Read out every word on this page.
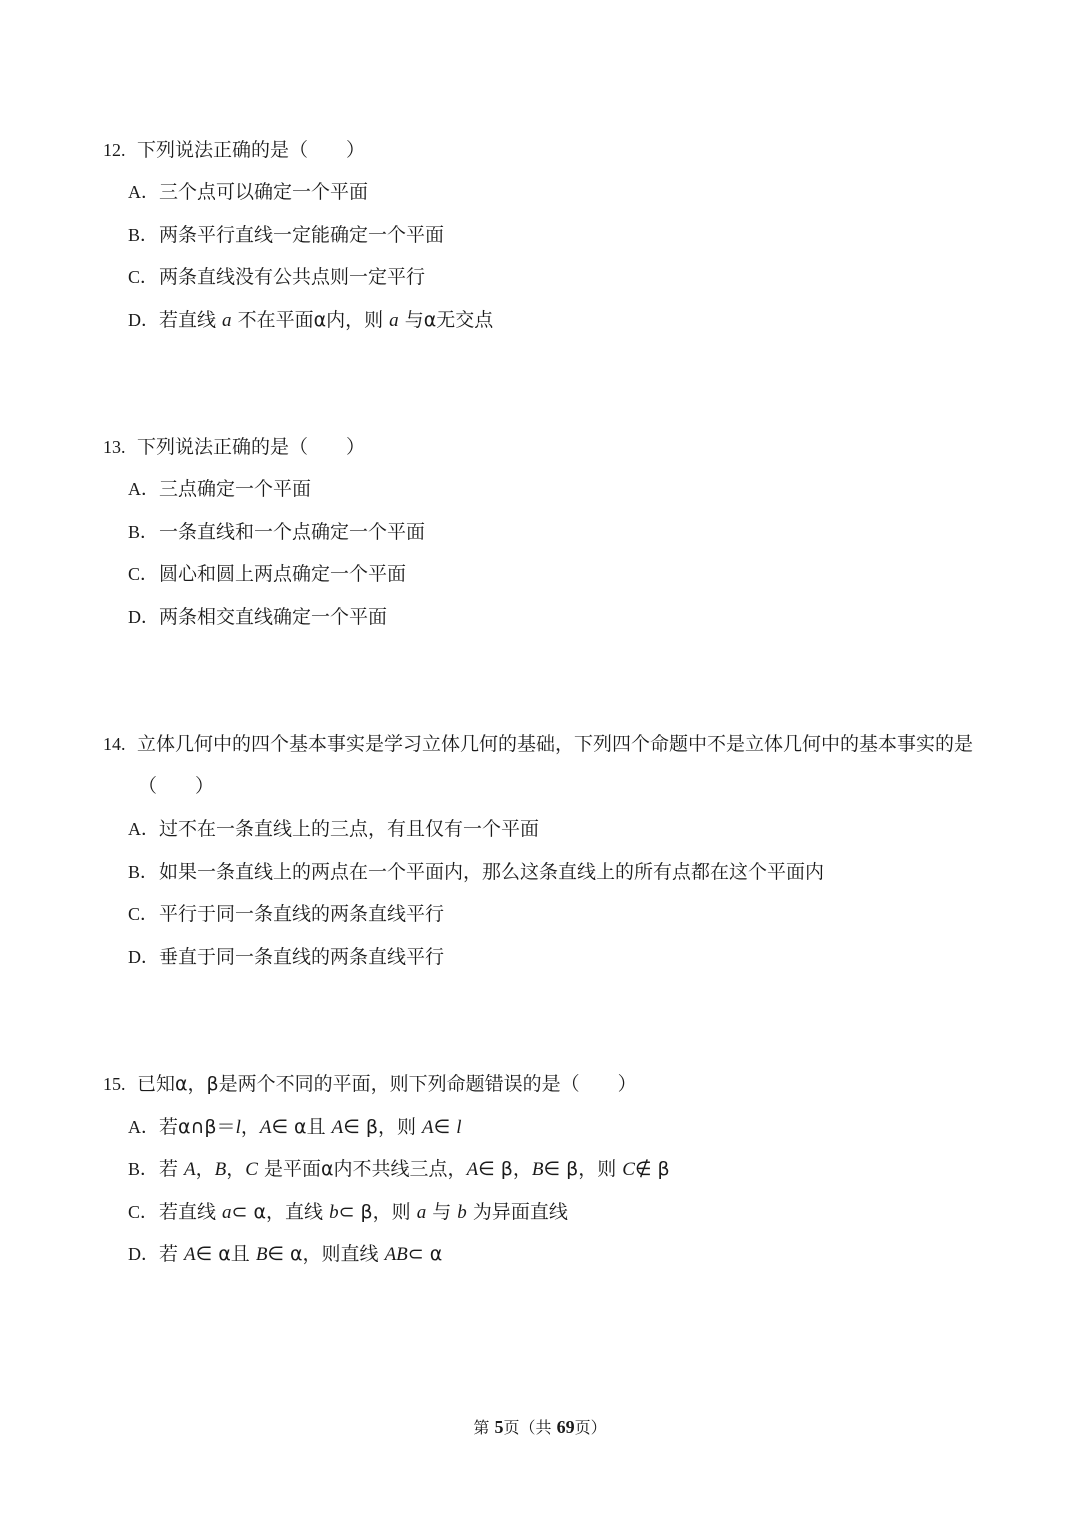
12. 下列说法正确的是（　　）
A．三个点可以确定一个平面
B．两条平行直线一定能确定一个平面
C．两条直线没有公共点则一定平行
D．若直线 a 不在平面α内，则 a 与α无交点
13. 下列说法正确的是（　　）
A．三点确定一个平面
B．一条直线和一个点确定一个平面
C．圆心和圆上两点确定一个平面
D．两条相交直线确定一个平面
14. 立体几何中的四个基本事实是学习立体几何的基础，下列四个命题中不是立体几何中的基本事实的是
（　　）
A．过不在一条直线上的三点，有且仅有一个平面
B．如果一条直线上的两点在一个平面内，那么这条直线上的所有点都在这个平面内
C．平行于同一条直线的两条直线平行
D．垂直于同一条直线的两条直线平行
15. 已知α，β是两个不同的平面，则下列命题错误的是（　　）
A．若α∩β＝l，A∈ α且 A∈ β，则 A∈ l
B．若 A，B，C 是平面α内不共线三点，A∈ β，B∈ β，则 C∉ β
C．若直线 a⊂ α，直线 b⊂ β，则 a 与 b 为异面直线
D．若 A∈ α且 B∈ α，则直线 AB⊂ α
第 5页（共 69页）
